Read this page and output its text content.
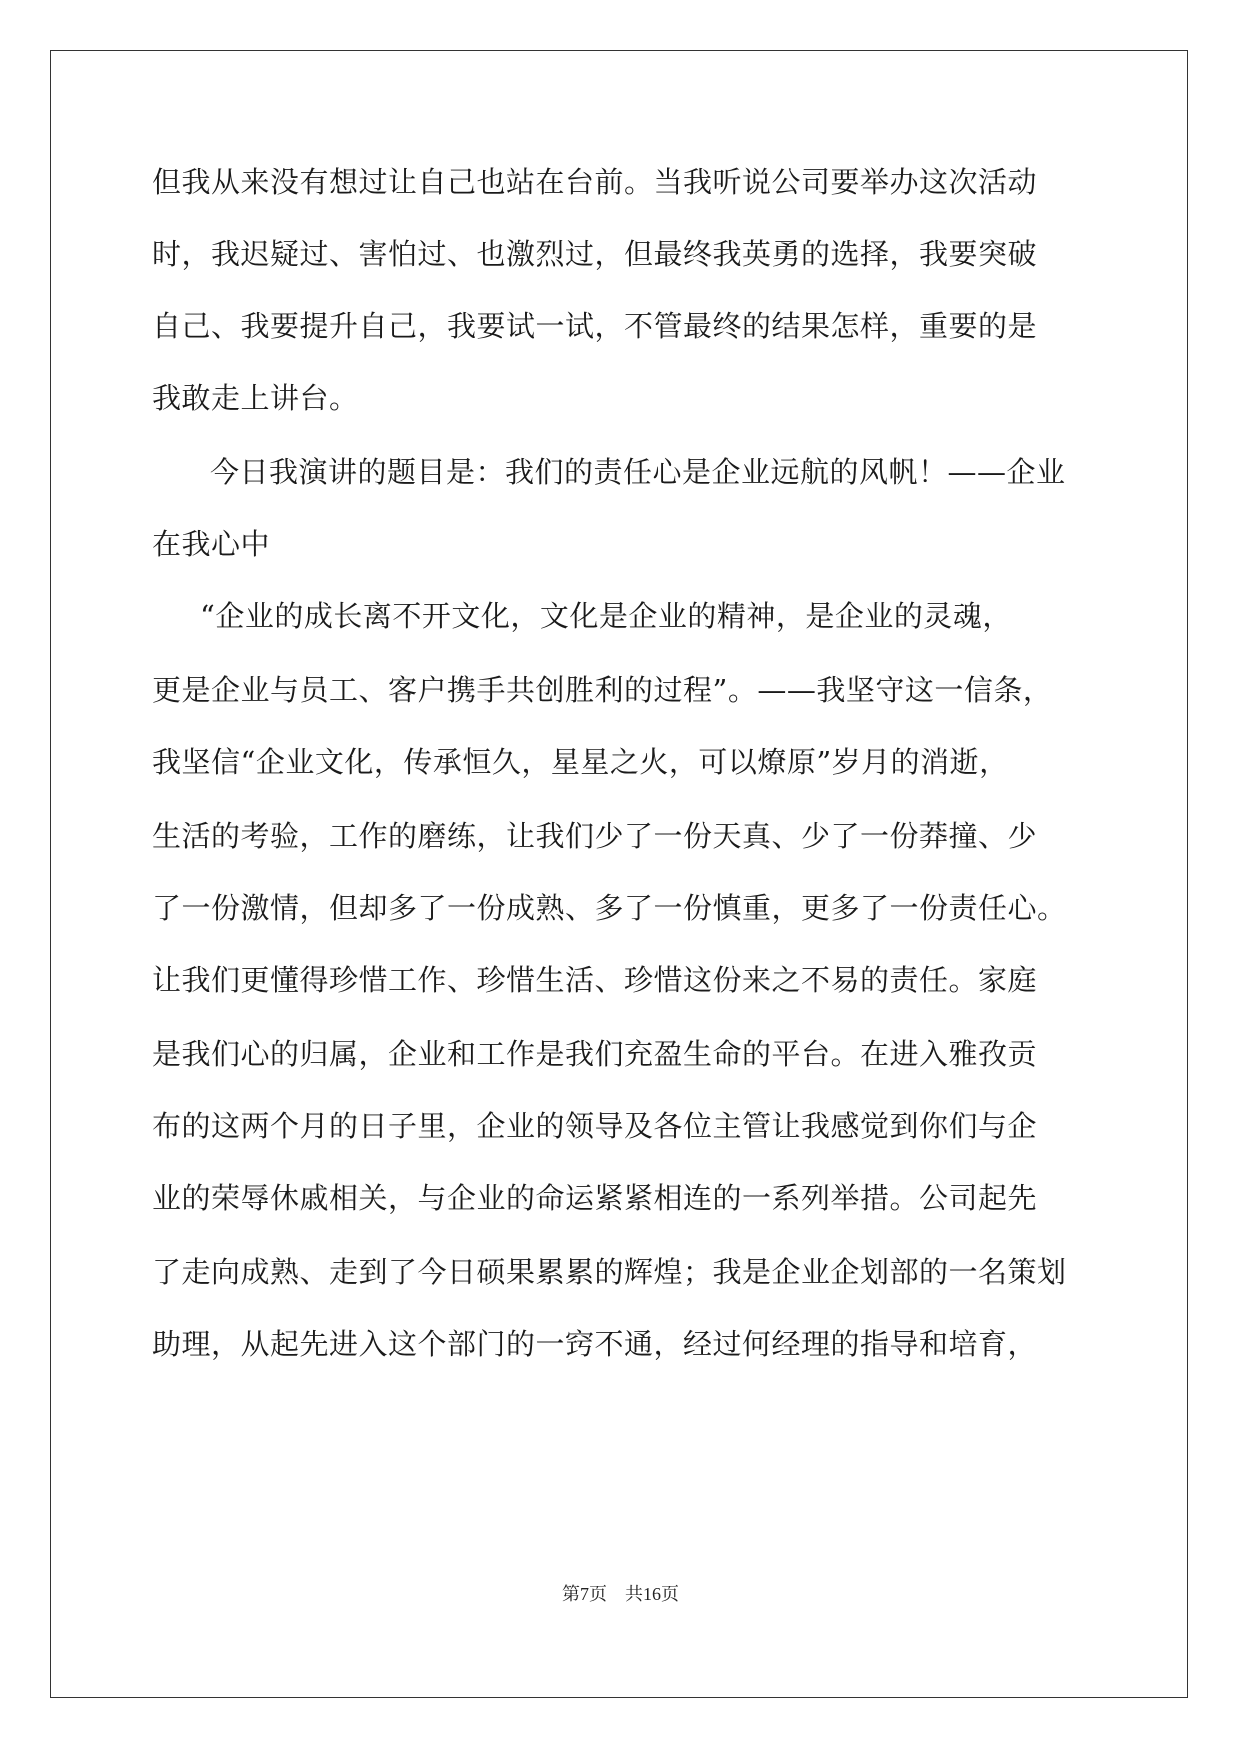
但我从来没有想过让自己也站在台前。当我听说公司要举办这次活动
时，我迟疑过、害怕过、也激烈过，但最终我英勇的选择，我要突破
自己、我要提升自己，我要试一试，不管最终的结果怎样，重要的是
我敢走上讲台。
今日我演讲的题目是：我们的责任心是企业远航的风帆！——企业
在我心中
“企业的成长离不开文化，文化是企业的精神，是企业的灵魂，
更是企业与员工、客户携手共创胜利的过程”。——我坚守这一信条，
我坚信“企业文化，传承恒久，星星之火，可以燎原”岁月的消逝，
生活的考验，工作的磨练，让我们少了一份天真、少了一份莽撞、少
了一份激情，但却多了一份成熟、多了一份慎重，更多了一份责任心。
让我们更懂得珍惜工作、珍惜生活、珍惜这份来之不易的责任。家庭
是我们心的归属，企业和工作是我们充盈生命的平台。在进入雅孜贡
布的这两个月的日子里，企业的领导及各位主管让我感觉到你们与企
业的荣辱休戚相关，与企业的命运紧紧相连的一系列举措。公司起先
了走向成熟、走到了今日硕果累累的辉煌；我是企业企划部的一名策划
助理，从起先进入这个部门的一窍不通，经过何经理的指导和培育，
第7页 共16页
